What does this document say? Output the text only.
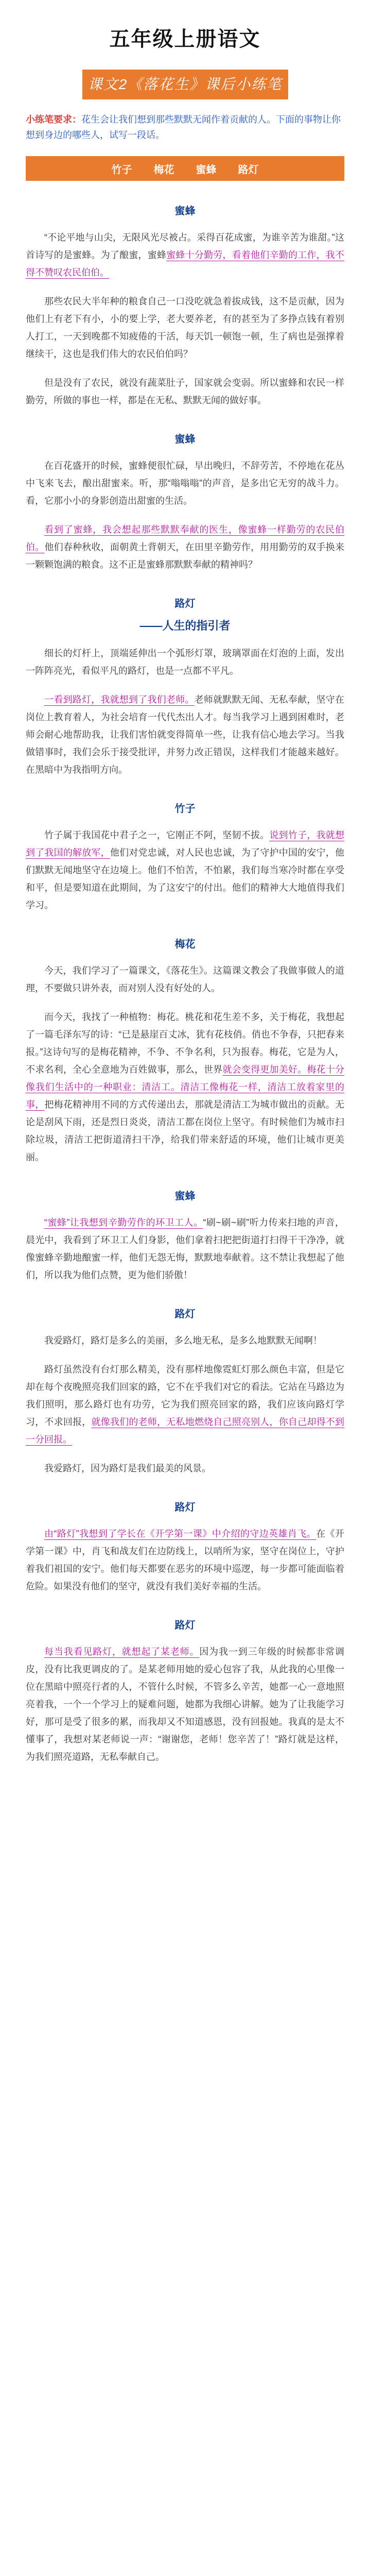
五年级上册语文
课文2《落花生》课后小练笔
小练笔要求：花生会让我们想到那些默默无闻作着贡献的人。下面的事物让你想到身边的哪些人，试写一段话。
竹子 梅花 蜜蜂 路灯
蜜蜂

“不论平地与山尖，无限风光尽被占。采得百花成蜜，为谁辛苦为谁甜。”这首诗写的是蜜蜂。为了酿蜜，蜜蜂蜜蜂十分勤劳，看着他们辛勤的工作，我不得不赞叹农民伯伯。

那些农民大半年种的粮食自己一口没吃就急着拔成钱，这不是贡献，因为他们上有老下有小，小的要上学，老大要养老，有的甚至为了多挣点钱有着别人打工，一天到晚都不知疲倦的干活，每天饥一顿饱一顿，生了病也是强撑着继续干，这也是我们伟大的农民伯伯吗？

但是没有了农民，就没有蔬菜肚子，国家就会变弱。所以蜜蜂和农民一样勤劳，所做的事也一样，都是在无私、默默无闻的做好事。

蜜蜂

在百花盛开的时候，蜜蜂便很忙碌，早出晚归，不辞劳苦，不停地在花丛中飞来飞去，酿出甜蜜来。听，那“嗡嗡嗡”的声音，是多出它无穷的战斗力。看，它那小小的身影创造出甜蜜的生活。

看到了蜜蜂，我会想起那些默默奉献的医生，像蜜蜂一样勤劳的农民伯伯。他们春种秋收，面朝黄土背朝天，在田里辛勤劳作，用用勤劳的双手换来一颗颗饱满的粮食。这不正是蜜蜂那默默奉献的精神吗？

路灯
——人生的指引者

细长的灯杆上，顶端延伸出一个弧形灯罩，玻璃罩面在灯泡的上面，发出一阵阵亮光，看似平凡的路灯，也是一点都不平凡。

一看到路灯，我就想到了我们老师。老师就默默无闻、无私奉献，坚守在岗位上教育着人，为社会培育一代代杰出人才。每当我学习上遇到困难时，老师会耐心地帮助我，让我们害怕就变得简单一些，让我有信心地去学习。当我做错事时，我们会乐于接受批评，并努力改正错误，这样我们才能越来越好。在黑暗中为我指明方向。

竹子

竹子属于我国花中君子之一，它刚正不阿，坚韧不拔。说到竹子，我就想到了我国的解放军，他们对党忠诚，对人民也忠诚，为了守护中国的安宁，他们默默无闻地坚守在边境上。他们不怕苦，不怕累，我们每当寒冷时都在享受和平，但是要知道在此期间，为了这安宁的付出。他们的精神大大地值得我们学习。

梅花

今天，我们学习了一篇课文，《落花生》。这篇课文教会了我做事做人的道理，不要做只讲外表，而对别人没有好处的人。

而今天，我找了一种植物：梅花。桃花和花生差不多，关于梅花，我想起了一篇毛泽东写的诗：“已是悬崖百丈冰，犹有花枝俏。俏也不争春，只把春来报。”这诗句写的是梅花精神，不争、不争名利，只为报春。梅花，它是为人，不求名利，全心全意地为百姓做事，那么，世界就会变得更加美好。梅花十分像我们生活中的一种职业：清洁工。清洁工像梅花一样，清洁工放着家里的事，把梅花精神用不同的方式传递出去，那就是清洁工为城市做出的贡献。无论是刮风下雨，还是烈日炎炎，清洁工都在岗位上坚守。有时候他们为城市扫除垃圾，清洁工把街道清扫干净，给我们带来舒适的环境，他们让城市更美丽。

蜜蜂

“蜜蜂”让我想到辛勤劳作的环卫工人。“刷~刷~刷”听力传来扫地的声音，晨光中，我看到了环卫工人们身影，他们拿着扫把把街道打扫得干干净净，就像蜜蜂辛勤地酿蜜一样，他们无怨无悔，默默地奉献着。这不禁让我想起了他们，所以我为他们点赞，更为他们骄傲！

路灯

我爱路灯，路灯是多么的美丽，多么地无私，是多么地默默无闻啊！

路灯虽然没有台灯那么精美，没有那样地像霓虹灯那么颜色丰富，但是它却在每个夜晚照亮我们回家的路，它不在乎我们对它的看法。它站在马路边为我们照明，那么路灯也有功劳，它为我们照亮回家的路，我们应该向路灯学习，不求回报，就像我们的老师，无私地燃烧自己照亮别人，你自己却得不到一分回报。

我爱路灯，因为路灯是我们最美的风景。

路灯

由“路灯”我想到了学长在《开学第一课》中介绍的守边英雄肖飞。在《开学第一课》中，肖飞和战友们在边防线上，以哨所为家，坚守在岗位上，守护着我们祖国的安宁。他们每天都要在恶劣的环境中巡逻，每一步都可能面临着危险。如果没有他们的坚守，就没有我们美好幸福的生活。

路灯

每当我看见路灯，就想起了某老师。因为我一到三年级的时候都非常调皮，没有比我更调皮的了。是某老师用她的爱心包容了我，从此我的心里像一位在黑暗中照亮行者的人，不管什么时候，不管多么辛苦，她都一心一意地照亮着我，一个一个学习上的疑难问题，她都为我细心讲解。她为了让我能学习好，那可是受了很多的累，而我却又不知道感恩，没有回报她。我真的是太不懂事了，我想对某老师说一声：“谢谢您，老师！您辛苦了！”路灯就是这样，为我们照亮道路，无私奉献自己。
